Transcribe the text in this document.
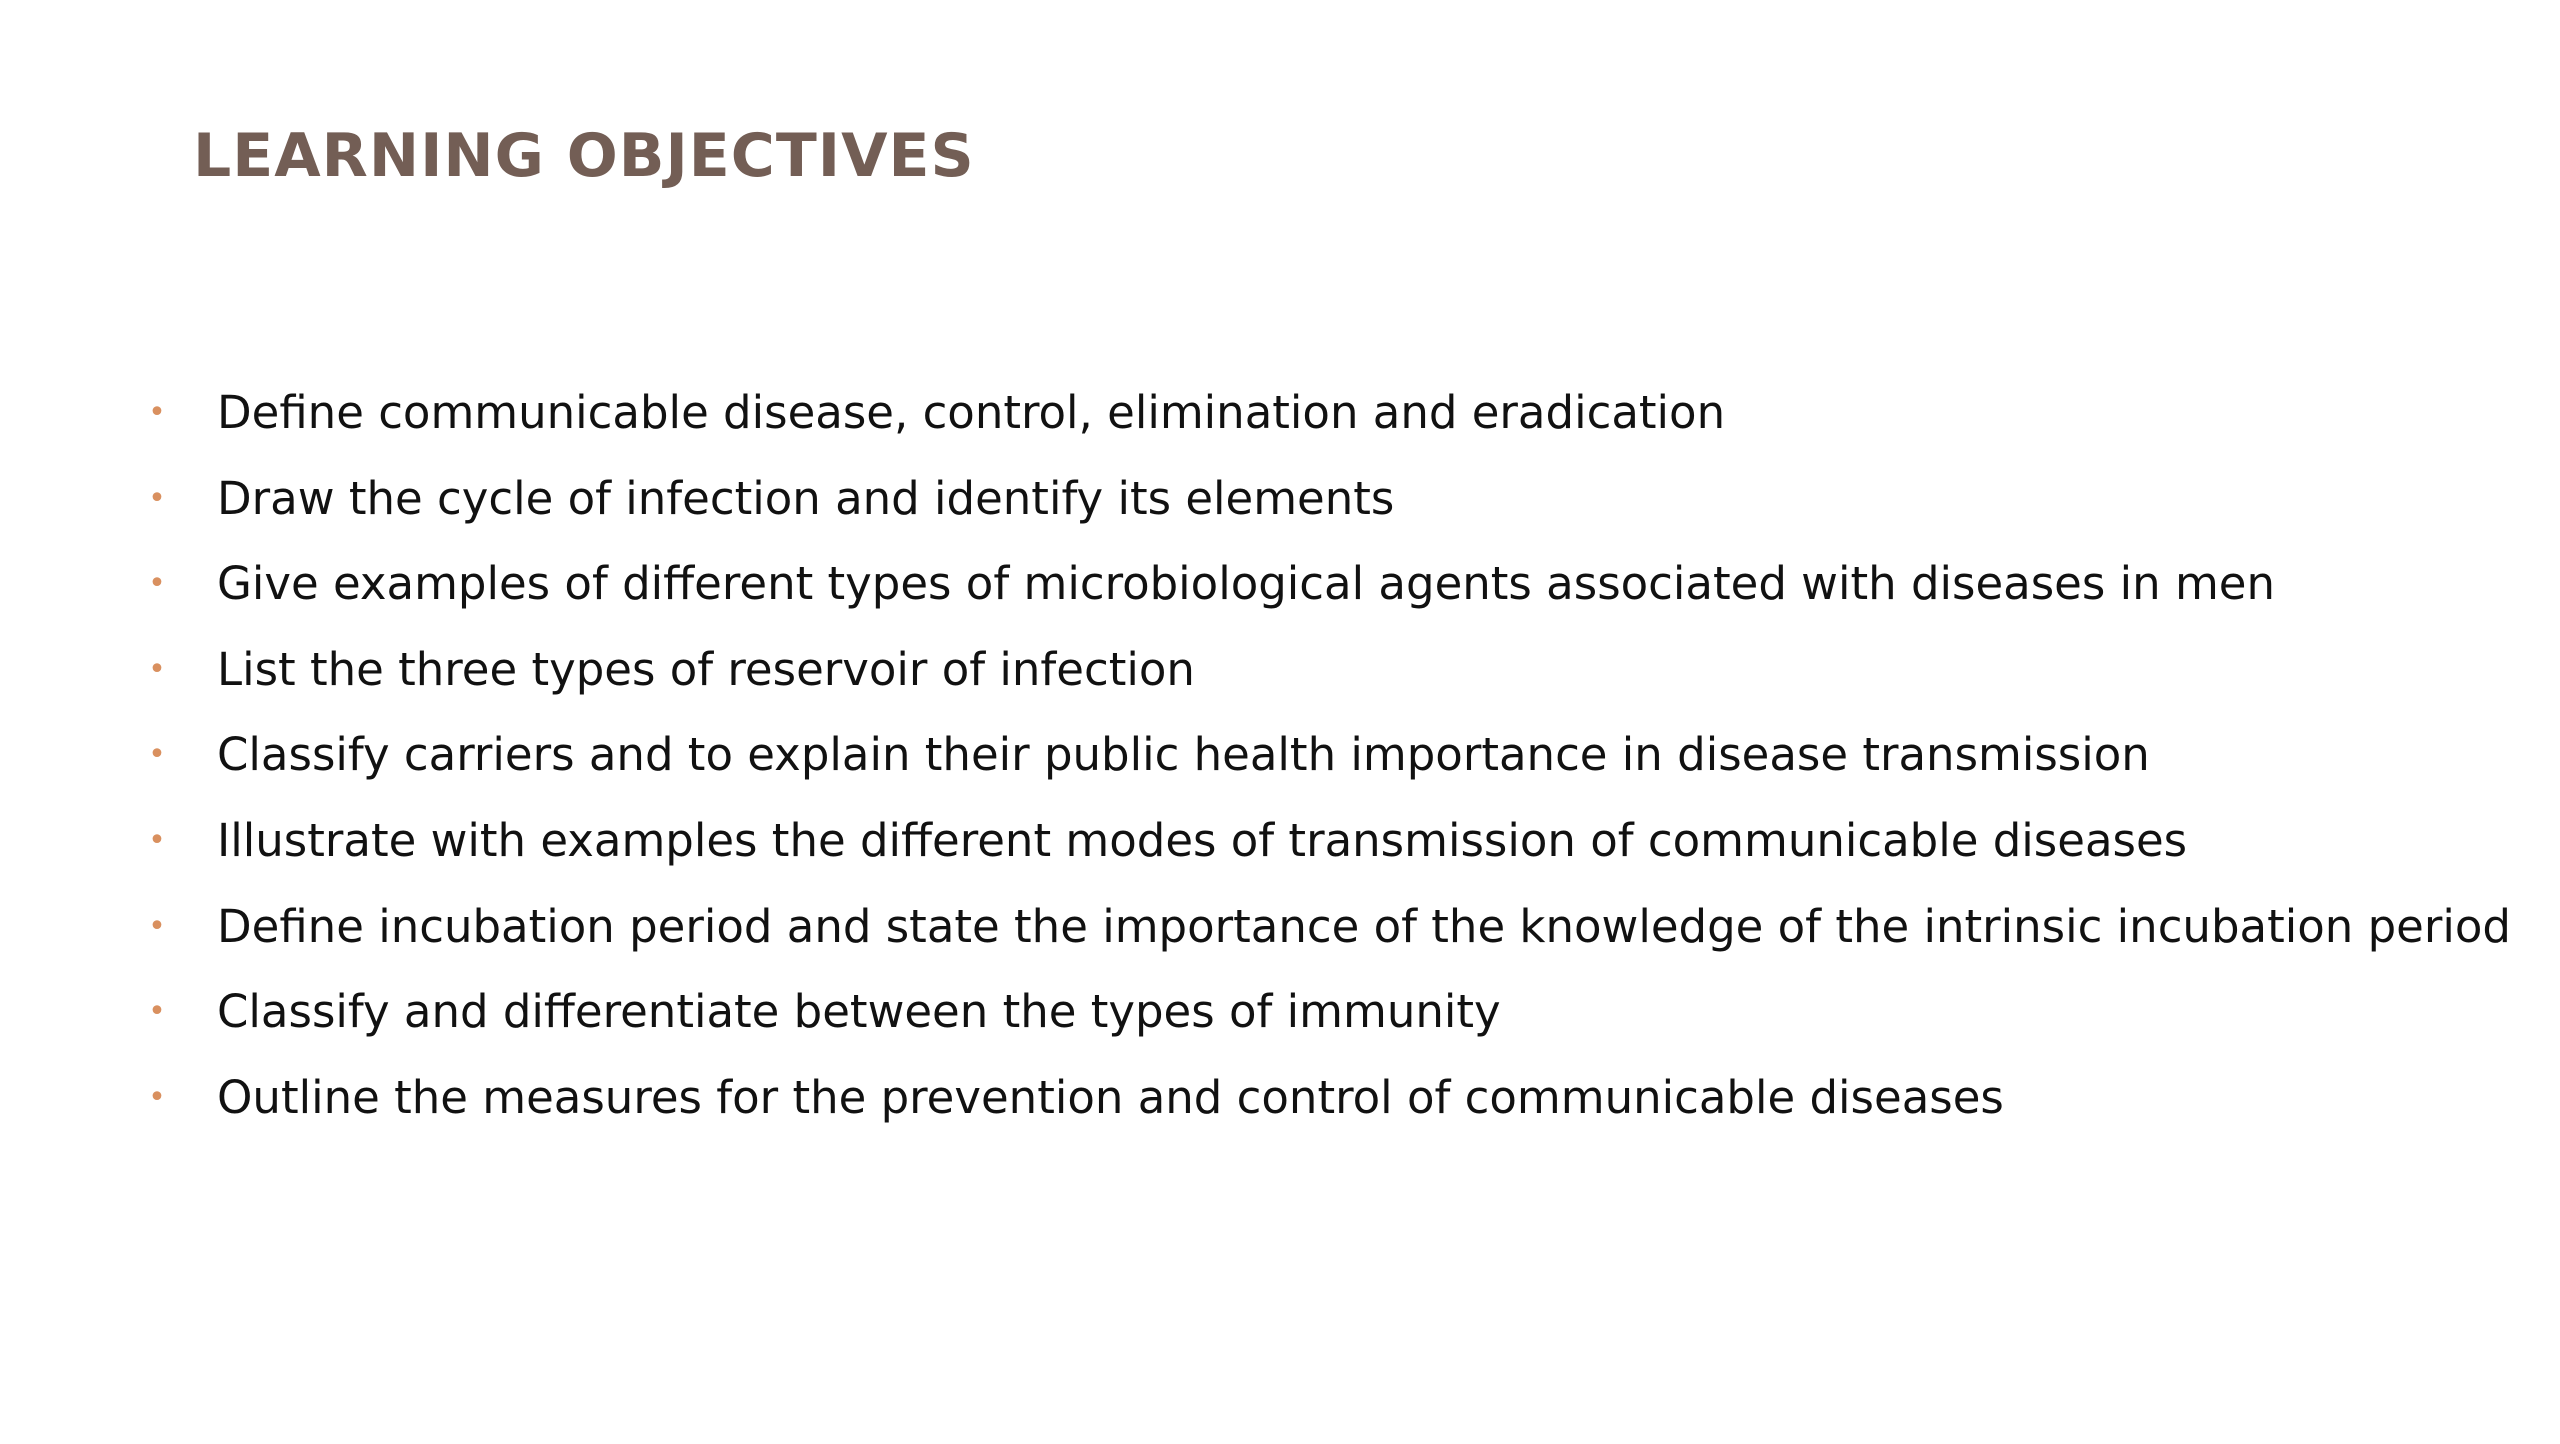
LEARNING OBJECTIVES
• Define communicable disease, control, elimination and eradication
• Draw the cycle of infection and identify its elements
• Give examples of different types of microbiological agents associated with diseases in men
• List the three types of reservoir of infection
• Classify carriers and to explain their public health importance in disease transmission
• Illustrate with examples the different modes of transmission of communicable diseases
• Define incubation period and state the importance of the knowledge of the intrinsic incubation period
• Classify and differentiate between the types of immunity
• Outline the measures for the prevention and control of communicable diseases
